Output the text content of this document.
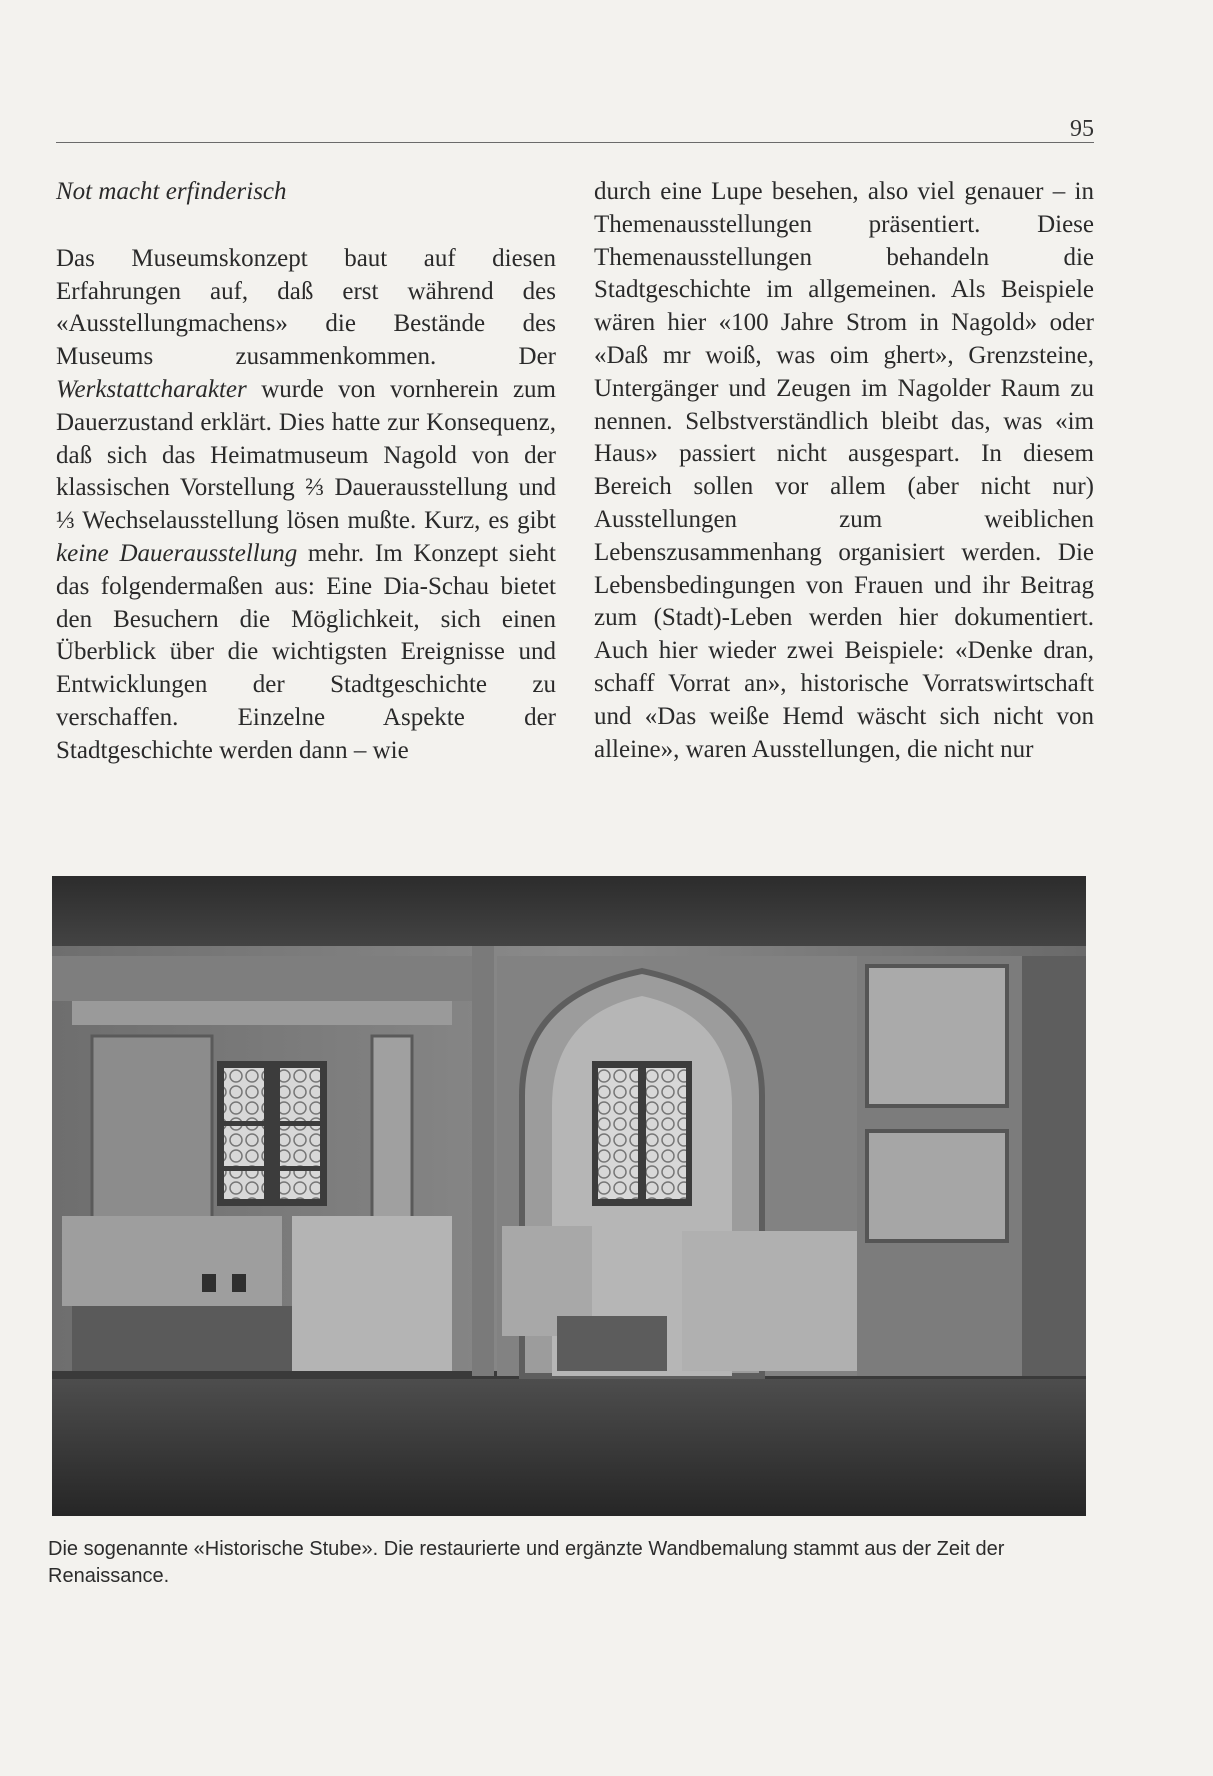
95

Not macht erfinderisch

Das Museumskonzept baut auf diesen Erfahrungen auf, daß erst während des «Ausstellungmachens» die Bestände des Museums zusammenkommen. Der Werkstattcharakter wurde von vornherein zum Dauerzustand erklärt. Dies hatte zur Konsequenz, daß sich das Heimatmuseum Nagold von der klassischen Vorstellung ⅔ Dauerausstellung und ⅓ Wechselausstellung lösen mußte. Kurz, es gibt keine Dauerausstellung mehr. Im Konzept sieht das folgendermaßen aus: Eine Dia-Schau bietet den Besuchern die Möglichkeit, sich einen Überblick über die wichtigsten Ereignisse und Entwicklungen der Stadtgeschichte zu verschaffen. Einzelne Aspekte der Stadtgeschichte werden dann – wie

durch eine Lupe besehen, also viel genauer – in Themenausstellungen präsentiert. Diese Themenausstellungen behandeln die Stadtgeschichte im allgemeinen. Als Beispiele wären hier «100 Jahre Strom in Nagold» oder «Daß mr woiß, was oim ghert», Grenzsteine, Untergänger und Zeugen im Nagolder Raum zu nennen. Selbstverständlich bleibt das, was «im Haus» passiert nicht ausgespart. In diesem Bereich sollen vor allem (aber nicht nur) Ausstellungen zum weiblichen Lebenszusammenhang organisiert werden. Die Lebensbedingungen von Frauen und ihr Beitrag zum (Stadt)-Leben werden hier dokumentiert. Auch hier wieder zwei Beispiele: «Denke dran, schaff Vorrat an», historische Vorratswirtschaft und «Das weiße Hemd wäscht sich nicht von alleine», waren Ausstellungen, die nicht nur

Die sogenannte «Historische Stube». Die restaurierte und ergänzte Wandbemalung stammt aus der Zeit der Renaissance.
